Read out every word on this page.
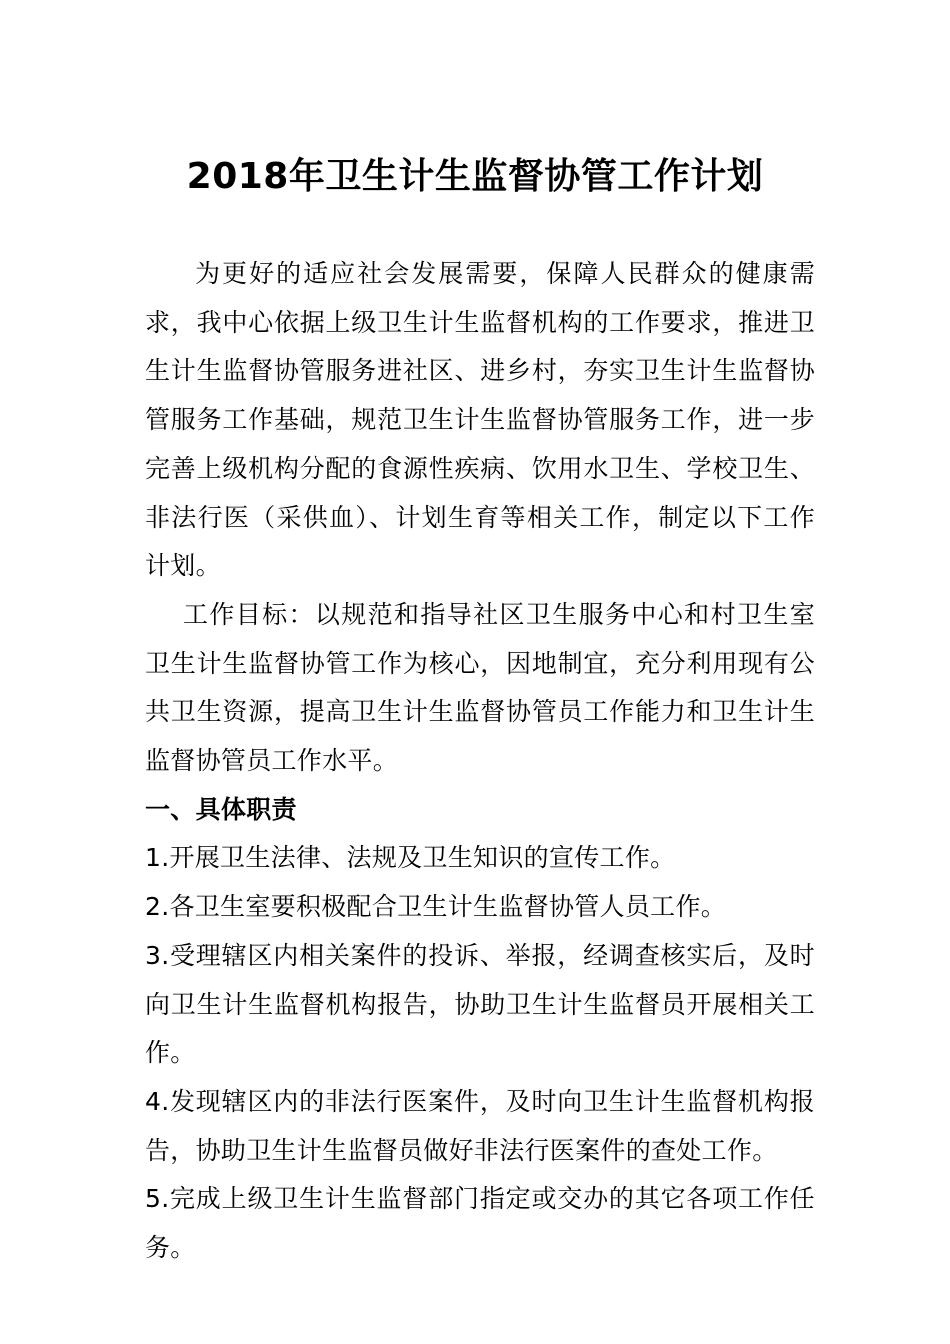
2018年卫生计生监督协管工作计划

为更好的适应社会发展需要，保障人民群众的健康需求，我中心依据上级卫生计生监督机构的工作要求，推进卫生计生监督协管服务进社区、进乡村，夯实卫生计生监督协管服务工作基础，规范卫生计生监督协管服务工作，进一步完善上级机构分配的食源性疾病、饮用水卫生、学校卫生、非法行医（采供血）、计划生育等相关工作，制定以下工作计划。

工作目标：以规范和指导社区卫生服务中心和村卫生室卫生计生监督协管工作为核心，因地制宜，充分利用现有公共卫生资源，提高卫生计生监督协管员工作能力和卫生计生监督协管员工作水平。

一、具体职责

1.开展卫生法律、法规及卫生知识的宣传工作。

2.各卫生室要积极配合卫生计生监督协管人员工作。

3.受理辖区内相关案件的投诉、举报，经调查核实后，及时向卫生计生监督机构报告，协助卫生计生监督员开展相关工作。

4.发现辖区内的非法行医案件，及时向卫生计生监督机构报告，协助卫生计生监督员做好非法行医案件的查处工作。

5.完成上级卫生计生监督部门指定或交办的其它各项工作任务。
